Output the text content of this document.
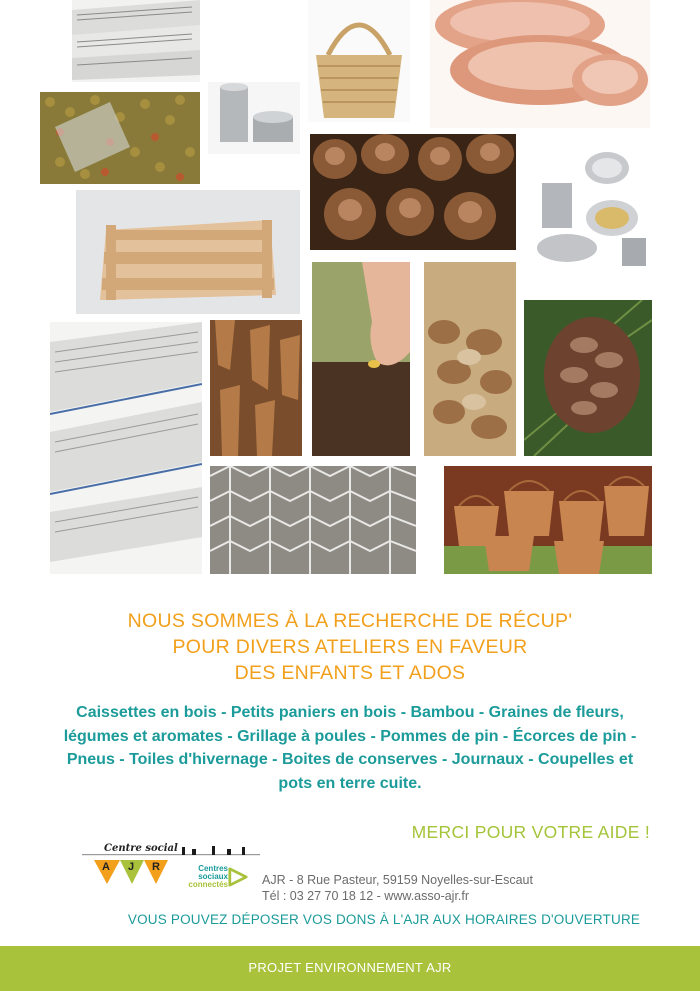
NOUS SOMMES À LA RECHERCHE DE RÉCUP'
POUR DIVERS ATELIERS EN FAVEUR
DES ENFANTS ET ADOS
Caissettes en bois - Petits paniers en bois - Bambou - Graines de fleurs, légumes et aromates - Grillage à poules - Pommes de pin - Écorces de pin - Pneus - Toiles d'hivernage - Boites de conserves - Journaux - Coupelles et pots en terre cuite.
MERCI POUR VOTRE AIDE !
Centre social
A J R	Centres
sociaux
connectés	AJR - 8 Rue Pasteur, 59159 Noyelles-sur-Escaut
Tél : 03 27 70 18 12 - www.asso-ajr.fr
VOUS POUVEZ DÉPOSER VOS DONS À L'AJR AUX HORAIRES D'OUVERTURE
PROJET ENVIRONNEMENT AJR
